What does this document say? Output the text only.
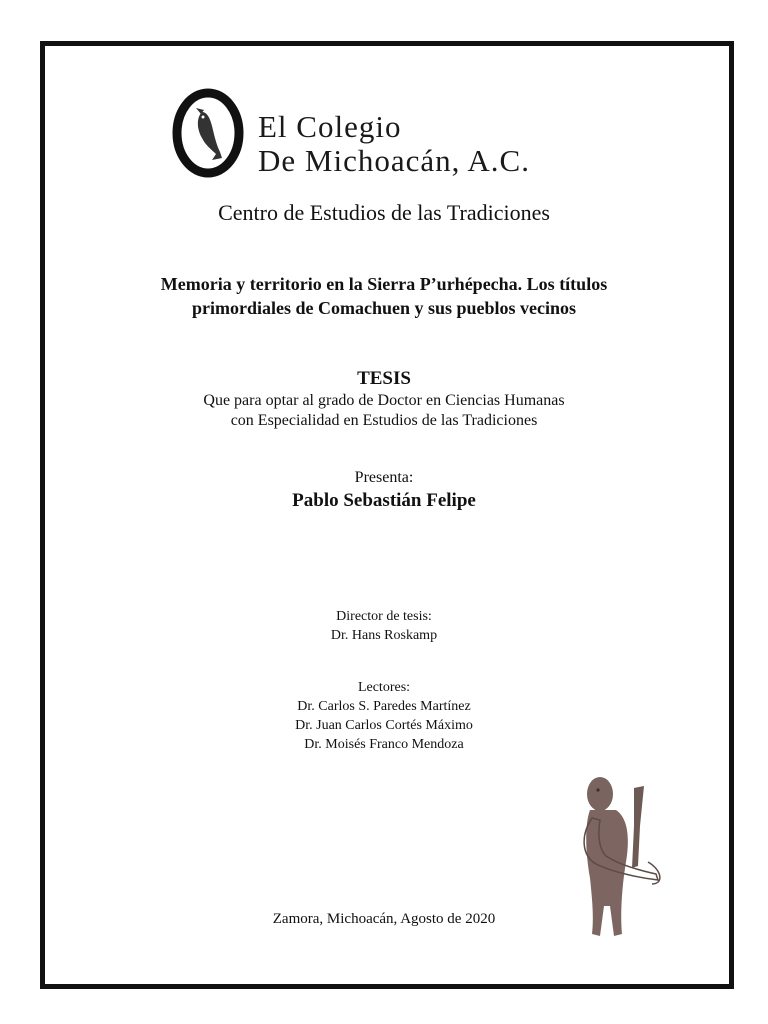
El Colegio
De Michoacán, A.C.
Centro de Estudios de las Tradiciones
Memoria y territorio en la Sierra P’urhépecha. Los títulos
primordiales de Comachuen y sus pueblos vecinos
TESIS
Que para optar al grado de Doctor en Ciencias Humanas
con Especialidad en Estudios de las Tradiciones
Presenta:
Pablo Sebastián Felipe
Director de tesis:
Dr. Hans Roskamp
Lectores:
Dr. Carlos S. Paredes Martínez
Dr. Juan Carlos Cortés Máximo
Dr. Moisés Franco Mendoza
Zamora, Michoacán, Agosto de 2020
